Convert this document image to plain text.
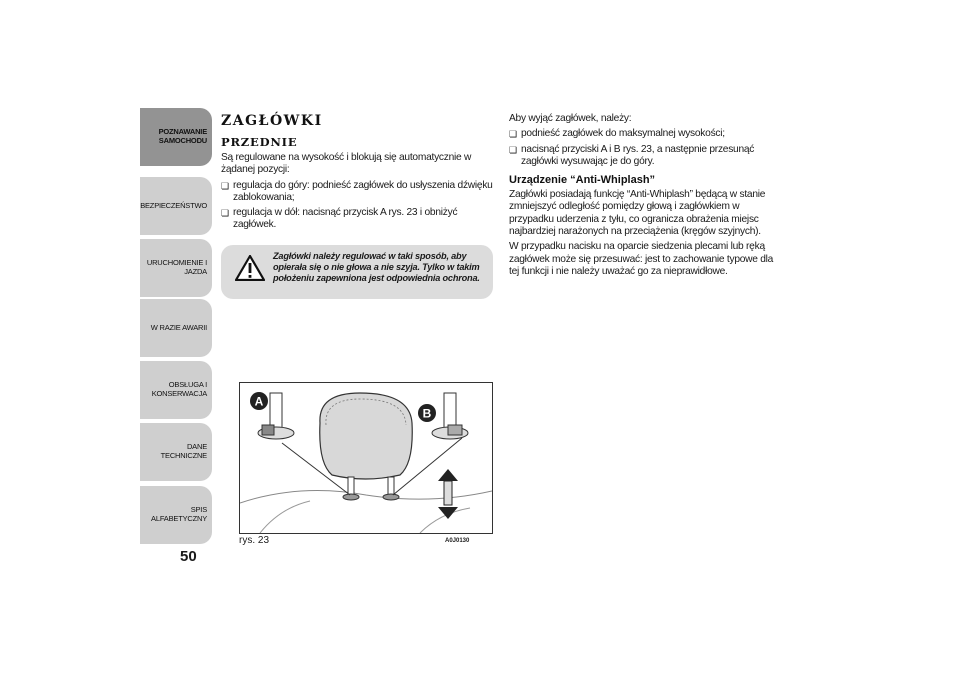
POZNAWANIE
SAMOCHODU
BEZPIECZEŃSTWO
URUCHOMIENIE I
JAZDA
W RAZIE AWARII
OBSŁUGA I
KONSERWACJA
DANE TECHNICZNE
SPIS ALFABETYCZNY
50
ZAGŁÓWKI
PRZEDNIE
Są regulowane na wysokość i blokują się automatycznie w żądanej pozycji:
❏ regulacja do góry: podnieść zagłówek do usłyszenia dźwięku zablokowania;
❏ regulacja w dół: nacisnąć przycisk A rys. 23 i obniżyć zagłówek.
Zagłówki należy regulować w taki sposób, aby opierała się o nie głowa a nie szyja. Tylko w takim położeniu zapewniona jest odpowiednia ochrona.
A
B
rys. 23	A0J0130
Aby wyjąć zagłówek, należy:
❏ podnieść zagłówek do maksymalnej wysokości;
❏ nacisnąć przyciski A i B rys. 23, a następnie przesunąć zagłówki wysuwając je do góry.
Urządzenie “Anti-Whiplash”
Zagłówki posiadają funkcję “Anti-Whiplash” będącą w stanie zmniejszyć odległość pomiędzy głową i zagłówkiem w przypadku uderzenia z tyłu, co ogranicza obrażenia miejsc najbardziej narażonych na przeciążenia (kręgów szyjnych).
W przypadku nacisku na oparcie siedzenia plecami lub ręką zagłówek może się przesuwać: jest to zachowanie typowe dla tej funkcji i nie należy uważać go za nieprawidłowe.
